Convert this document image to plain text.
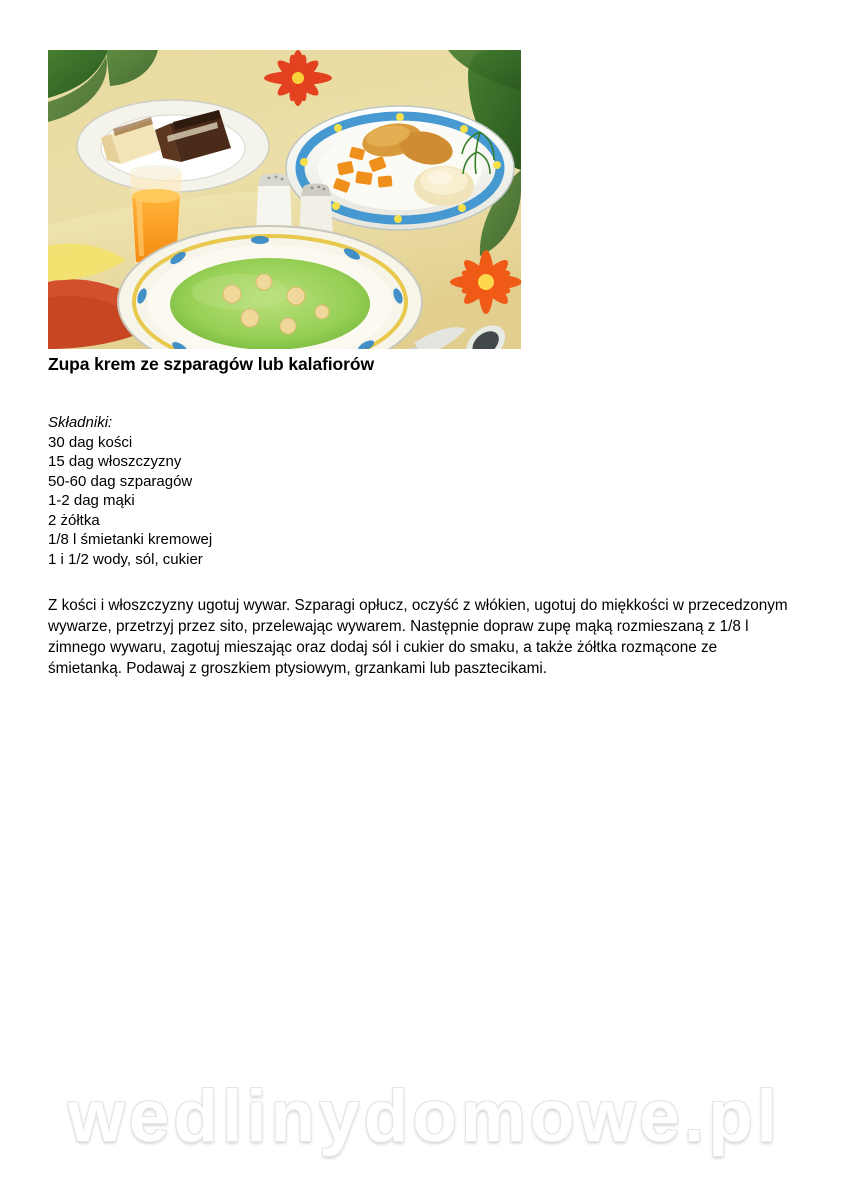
Zupa krem ze szparagów lub kalafiorów

Składniki:

30 dag kości
15 dag włoszczyzny
50-60 dag szparagów
1-2 dag mąki
2 żółtka
1/8 l śmietanki kremowej
1 i 1/2 wody, sól, cukier

Z kości i włoszczyzny ugotuj wywar. Szparagi opłucz, oczyść z włókien, ugotuj do miękkości w przecedzonym wywarze, przetrzyj przez sito, przelewając wywarem. Następnie dopraw zupę mąką rozmieszaną z 1/8 l zimnego wywaru, zagotuj mieszając oraz dodaj sól i cukier do smaku, a także żółtka rozmącone ze śmietanką. Podawaj z groszkiem ptysiowym, grzankami lub pasztecikami.

wedlinydomowe.pl
